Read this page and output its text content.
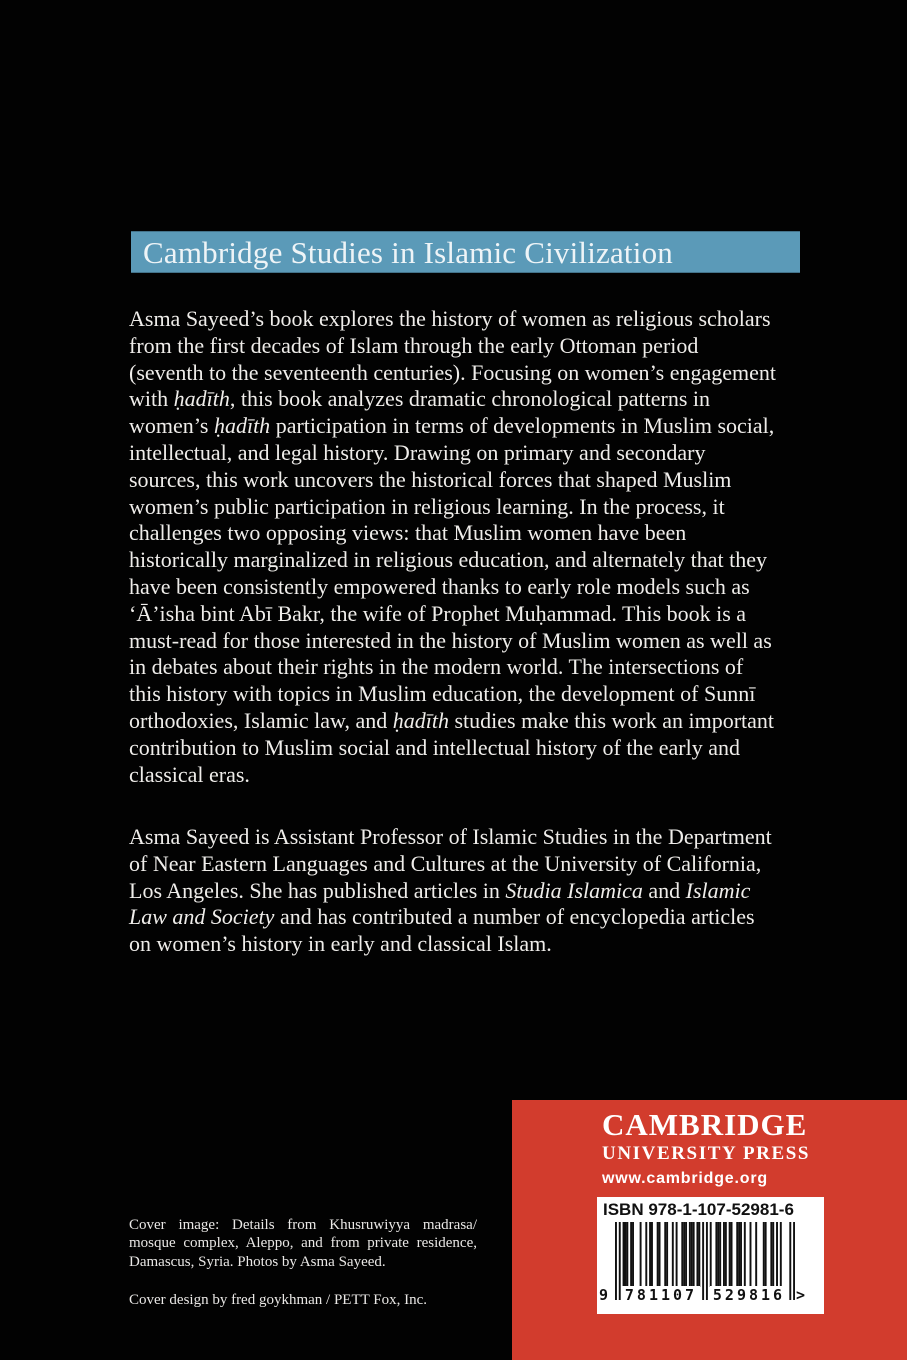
Cambridge Studies in Islamic Civilization
Asma Sayeed’s book explores the history of women as religious scholars from the first decades of Islam through the early Ottoman period (seventh to the seventeenth centuries). Focusing on women’s engagement with ḥadīth, this book analyzes dramatic chronological patterns in women’s ḥadīth participation in terms of developments in Muslim social, intellectual, and legal history. Drawing on primary and secondary sources, this work uncovers the historical forces that shaped Muslim women’s public participation in religious learning. In the process, it challenges two opposing views: that Muslim women have been historically marginalized in religious education, and alternately that they have been consistently empowered thanks to early role models such as ‘Ā’isha bint Abī Bakr, the wife of Prophet Muḥammad. This book is a must-read for those interested in the history of Muslim women as well as in debates about their rights in the modern world. The intersections of this history with topics in Muslim education, the development of Sunnī orthodoxies, Islamic law, and ḥadīth studies make this work an important contribution to Muslim social and intellectual history of the early and classical eras.
Asma Sayeed is Assistant Professor of Islamic Studies in the Department of Near Eastern Languages and Cultures at the University of California, Los Angeles. She has published articles in Studia Islamica and Islamic Law and Society and has contributed a number of encyclopedia articles on women’s history in early and classical Islam.
CAMBRIDGE
UNIVERSITY PRESS
www.cambridge.org
ISBN 978-1-107-52981-6
9 781107 529816 >
Cover image: Details from Khusruwiyya madrasa/
mosque complex, Aleppo, and from private residence,
Damascus, Syria. Photos by Asma Sayeed.
Cover design by fred goykhman / PETT Fox, Inc.
